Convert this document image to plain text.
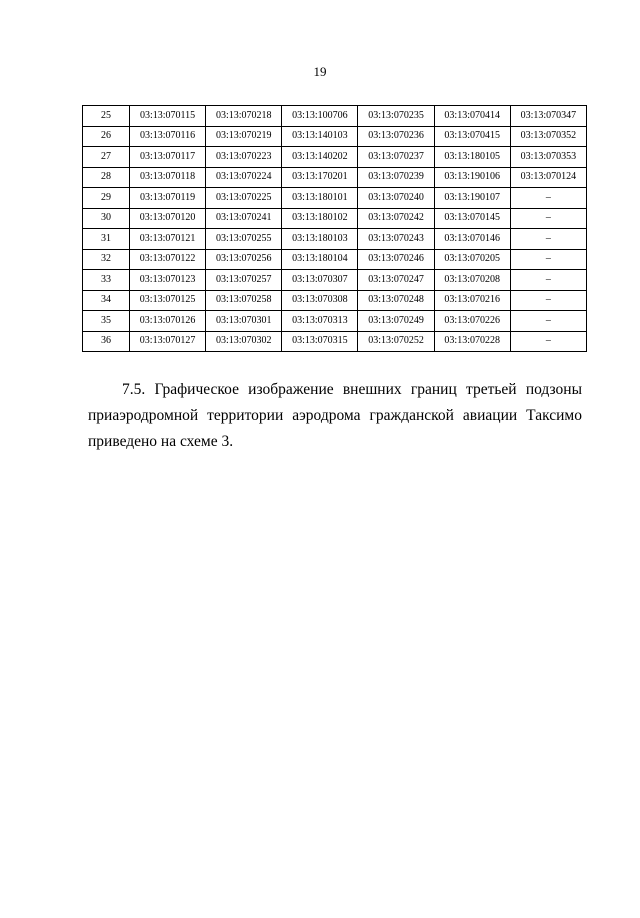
19
25	03:13:070115	03:13:070218	03:13:100706	03:13:070235	03:13:070414	03:13:070347
26	03:13:070116	03:13:070219	03:13:140103	03:13:070236	03:13:070415	03:13:070352
27	03:13:070117	03:13:070223	03:13:140202	03:13:070237	03:13:180105	03:13:070353
28	03:13:070118	03:13:070224	03:13:170201	03:13:070239	03:13:190106	03:13:070124
29	03:13:070119	03:13:070225	03:13:180101	03:13:070240	03:13:190107	–
30	03:13:070120	03:13:070241	03:13:180102	03:13:070242	03:13:070145	–
31	03:13:070121	03:13:070255	03:13:180103	03:13:070243	03:13:070146	–
32	03:13:070122	03:13:070256	03:13:180104	03:13:070246	03:13:070205	–
33	03:13:070123	03:13:070257	03:13:070307	03:13:070247	03:13:070208	–
34	03:13:070125	03:13:070258	03:13:070308	03:13:070248	03:13:070216	–
35	03:13:070126	03:13:070301	03:13:070313	03:13:070249	03:13:070226	–
36	03:13:070127	03:13:070302	03:13:070315	03:13:070252	03:13:070228	–
7.5. Графическое изображение внешних границ третьей подзоны приаэродромной территории аэродрома гражданской авиации Таксимо приведено на схеме 3.
